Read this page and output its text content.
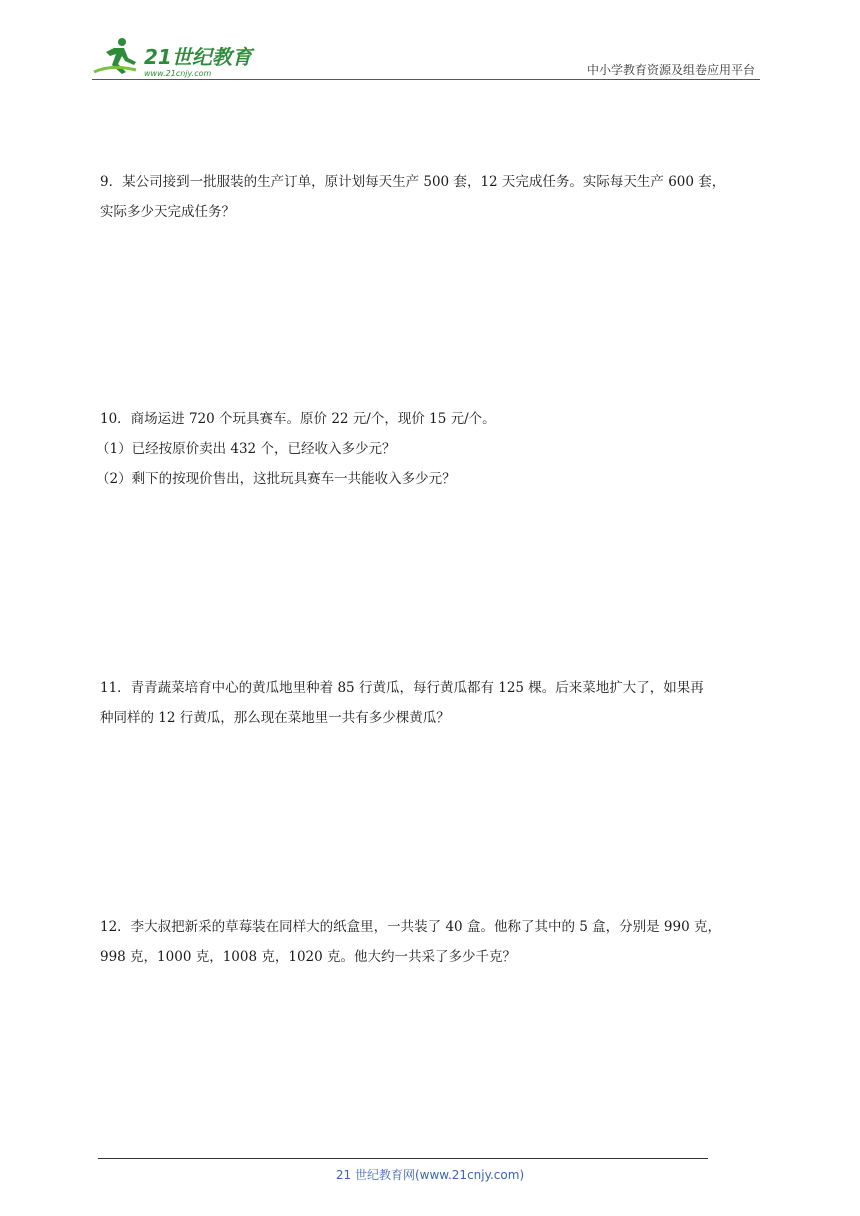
21世纪教育
www.21cnjy.com	中小学教育资源及组卷应用平台

9．某公司接到一批服装的生产订单，原计划每天生产 500 套，12 天完成任务。实际每天生产 600 套，

实际多少天完成任务？

10．商场运进 720 个玩具赛车。原价 22 元/个，现价 15 元/个。

（1）已经按原价卖出 432 个，已经收入多少元？

（2）剩下的按现价售出，这批玩具赛车一共能收入多少元？

11．青青蔬菜培育中心的黄瓜地里种着 85 行黄瓜，每行黄瓜都有 125 棵。后来菜地扩大了，如果再

种同样的 12 行黄瓜，那么现在菜地里一共有多少棵黄瓜？

12．李大叔把新采的草莓装在同样大的纸盒里，一共装了 40 盒。他称了其中的 5 盒，分别是 990 克，

998 克，1000 克，1008 克，1020 克。他大约一共采了多少千克？

21 世纪教育网(www.21cnjy.com)
